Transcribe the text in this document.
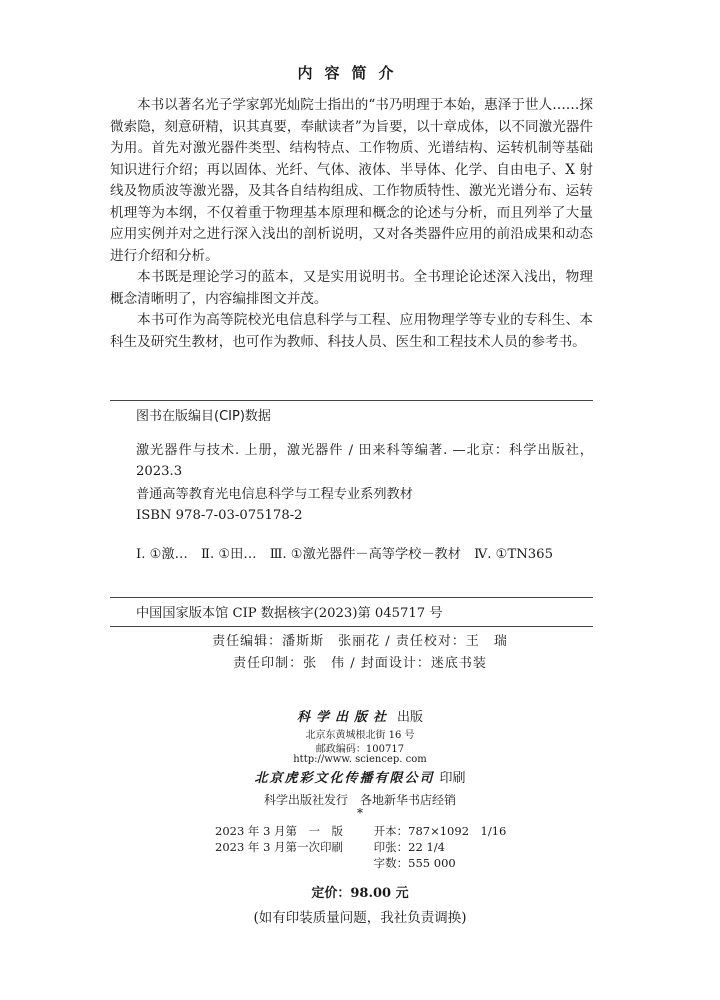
内容简介

本书以著名光子学家郭光灿院士指出的“书乃明理于本始，惠泽于世人……探微索隐，刻意研精，识其真要，奉献读者”为旨要，以十章成体，以不同激光器件为用。首先对激光器件类型、结构特点、工作物质、光谱结构、运转机制等基础知识进行介绍；再以固体、光纤、气体、液体、半导体、化学、自由电子、X 射线及物质波等激光器，及其各自结构组成、工作物质特性、激光光谱分布、运转机理等为本纲，不仅着重于物理基本原理和概念的论述与分析，而且列举了大量应用实例并对之进行深入浅出的剖析说明，又对各类器件应用的前沿成果和动态进行介绍和分析。

本书既是理论学习的蓝本，又是实用说明书。全书理论论述深入浅出，物理概念清晰明了，内容编排图文并茂。

本书可作为高等院校光电信息科学与工程、应用物理学等专业的专科生、本科生及研究生教材，也可作为教师、科技人员、医生和工程技术人员的参考书。

图书在版编目(CIP)数据

激光器件与技术. 上册，激光器件 / 田来科等编著. —北京：科学出版社，2023.3

普通高等教育光电信息科学与工程专业系列教材

ISBN 978-7-03-075178-2

Ⅰ. ①激…　Ⅱ. ①田…　Ⅲ. ①激光器件－高等学校－教材　Ⅳ. ①TN365

中国国家版本馆 CIP 数据核字(2023)第 045717 号

责任编辑：潘斯斯　张丽花 / 责任校对：王　瑞
责任印制：张　伟 / 封面设计：迷底书装
科学出版社 出版
北京东黄城根北街 16 号
邮政编码：100717
http://www. sciencep. com
北京虎彩文化传播有限公司 印刷
科学出版社发行　各地新华书店经销
*
2023 年 3 月第　一　版	开本：787×1092　1/16
2023 年 3 月第一次印刷	印张：22 1/4
字数：555 000
定价：98.00 元
(如有印装质量问题，我社负责调换)
